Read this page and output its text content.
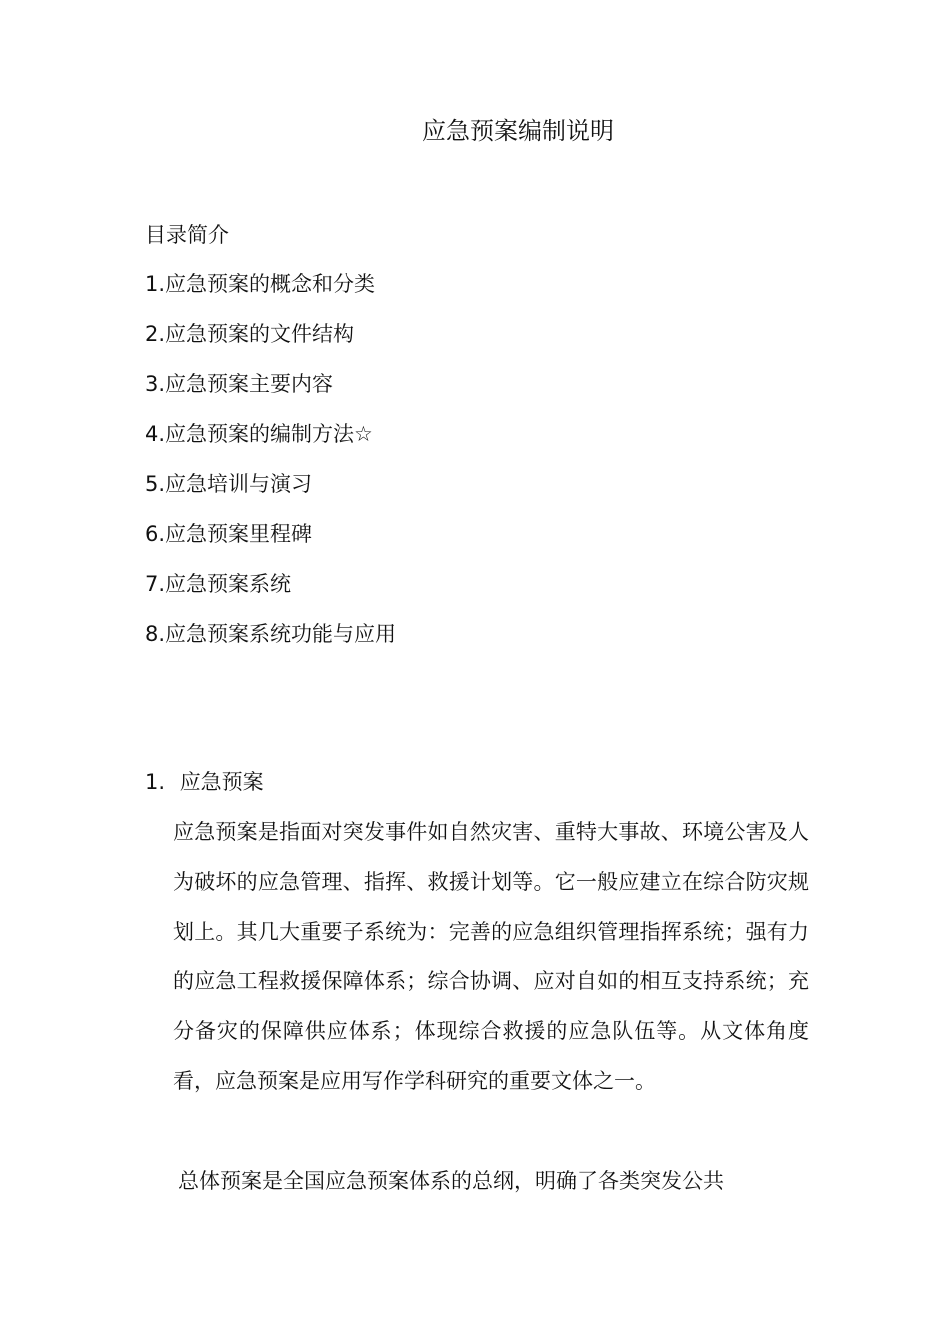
应急预案编制说明
目录简介
1.应急预案的概念和分类
2.应急预案的文件结构
3.应急预案主要内容
4.应急预案的编制方法☆
5.应急培训与演习
6.应急预案里程碑
7.应急预案系统
8.应急预案系统功能与应用
1. 应急预案

应急预案是指面对突发事件如自然灾害、重特大事故、环境公害及人为破坏的应急管理、指挥、救援计划等。它一般应建立在综合防灾规划上。其几大重要子系统为：完善的应急组织管理指挥系统；强有力的应急工程救援保障体系；综合协调、应对自如的相互支持系统；充分备灾的保障供应体系；体现综合救援的应急队伍等。从文体角度看，应急预案是应用写作学科研究的重要文体之一。

总体预案是全国应急预案体系的总纲，明确了各类突发公共
